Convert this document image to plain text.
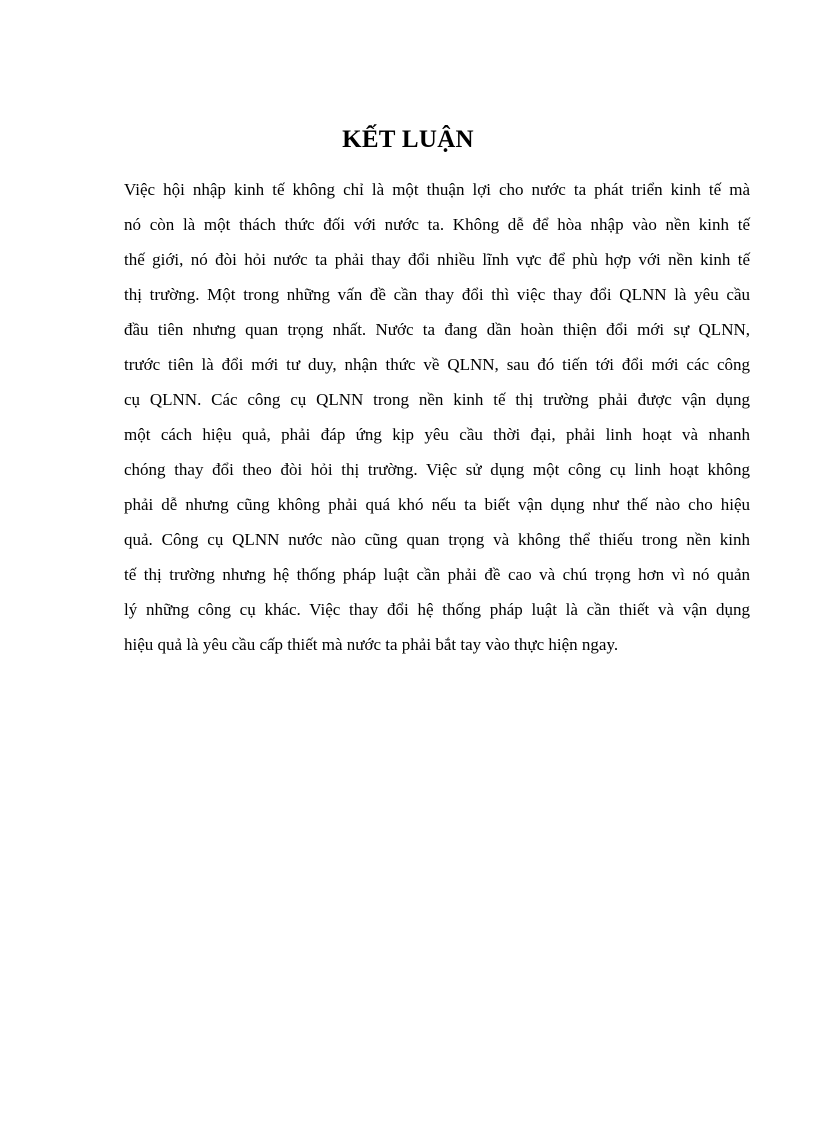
KẾT LUẬN
Việc hội nhập kinh tế không chỉ là một thuận lợi cho nước ta phát triển kinh tế mà
nó còn là một thách thức đối với nước ta. Không dễ để hòa nhập vào nền kinh tế
thế giới, nó đòi hỏi nước ta phải thay đổi nhiều lĩnh vực để phù hợp với nền kinh tế
thị trường. Một trong những vấn đề cần thay đổi thì việc thay đổi QLNN là yêu cầu
đầu tiên nhưng quan trọng nhất. Nước ta đang dần hoàn thiện đổi mới sự QLNN,
trước tiên là đổi mới tư duy, nhận thức về QLNN, sau đó tiến tới đổi mới các công
cụ QLNN. Các công cụ QLNN trong nền kinh tế thị trường phải được vận dụng
một cách hiệu quả, phải đáp ứng kịp yêu cầu thời đại, phải linh hoạt và nhanh
chóng thay đổi theo đòi hỏi thị trường. Việc sử dụng một công cụ linh hoạt không
phải dễ nhưng cũng không phải quá khó nếu ta biết vận dụng như thế nào cho hiệu
quả. Công cụ QLNN nước nào cũng quan trọng và không thể thiếu trong nền kinh
tế thị trường nhưng hệ thống pháp luật cần phải đề cao và chú trọng hơn vì nó quản
lý những công cụ khác. Việc thay đổi hệ thống pháp luật là cần thiết và vận dụng
hiệu quả là yêu cầu cấp thiết mà nước ta phải bắt tay vào thực hiện ngay.
